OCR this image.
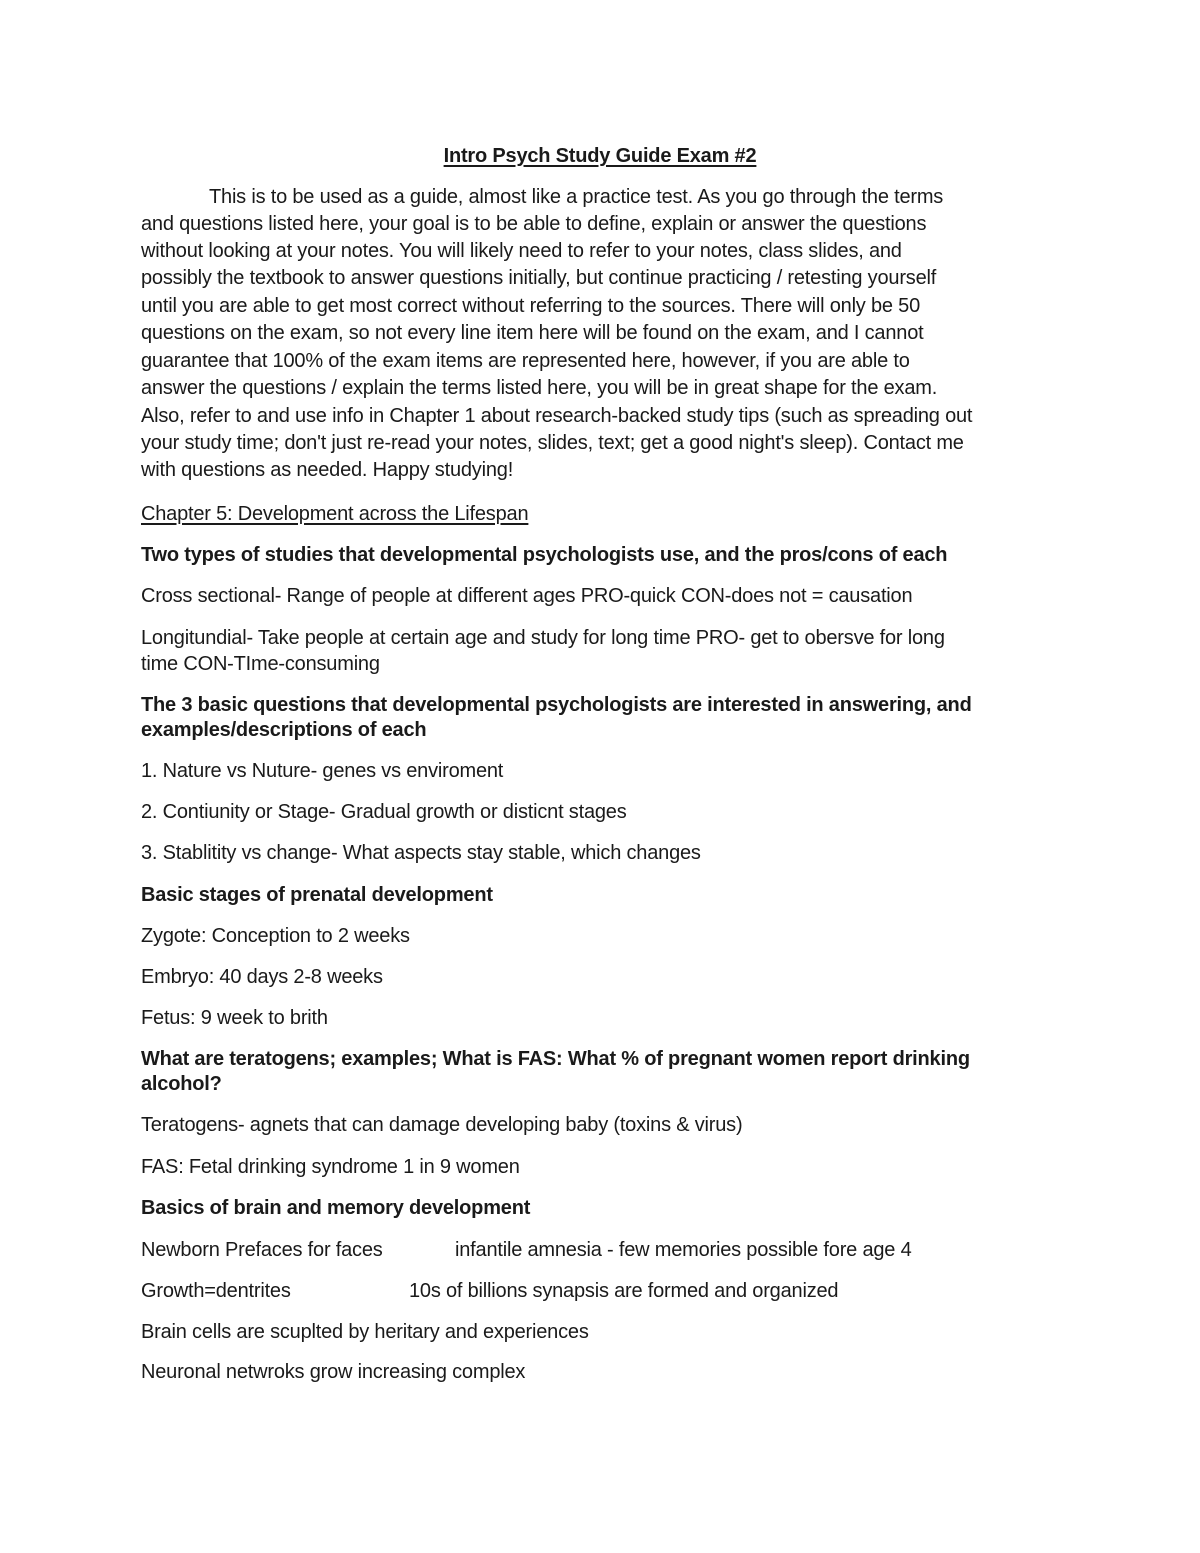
Intro Psych Study Guide Exam #2
This is to be used as a guide, almost like a practice test. As you go through the terms
and questions listed here, your goal is to be able to define, explain or answer the questions
without looking at your notes. You will likely need to refer to your notes, class slides, and
possibly the textbook to answer questions initially, but continue practicing / retesting yourself
until you are able to get most correct without referring to the sources. There will only be 50
questions on the exam, so not every line item here will be found on the exam, and I cannot
guarantee that 100% of the exam items are represented here, however, if you are able to
answer the questions / explain the terms listed here, you will be in great shape for the exam.
Also, refer to and use info in Chapter 1 about research-backed study tips (such as spreading out
your study time; don't just re-read your notes, slides, text; get a good night's sleep). Contact me
with questions as needed. Happy studying!
Chapter 5: Development across the Lifespan
Two types of studies that developmental psychologists use, and the pros/cons of each
Cross sectional- Range of people at different ages PRO-quick CON-does not = causation
Longitundial- Take people at certain age and study for long time PRO- get to obersve for long
time CON-TIme-consuming
The 3 basic questions that developmental psychologists are interested in answering, and
examples/descriptions of each
1. Nature vs Nuture- genes vs enviroment
2. Contiunity or Stage- Gradual growth or disticnt stages
3. Stablitity vs change- What aspects stay stable, which changes
Basic stages of prenatal development
Zygote: Conception to 2 weeks
Embryo: 40 days 2-8 weeks
Fetus: 9 week to brith
What are teratogens; examples; What is FAS: What % of pregnant women report drinking
alcohol?
Teratogens- agnets that can damage developing baby (toxins & virus)
FAS: Fetal drinking syndrome 1 in 9 women
Basics of brain and memory development
Newborn Prefaces for faces	infantile amnesia - few memories possible fore age 4
Growth=dentrites	10s of billions synapsis are formed and organized
Brain cells are scuplted by heritary and experiences
Neuronal netwroks grow increasing complex
